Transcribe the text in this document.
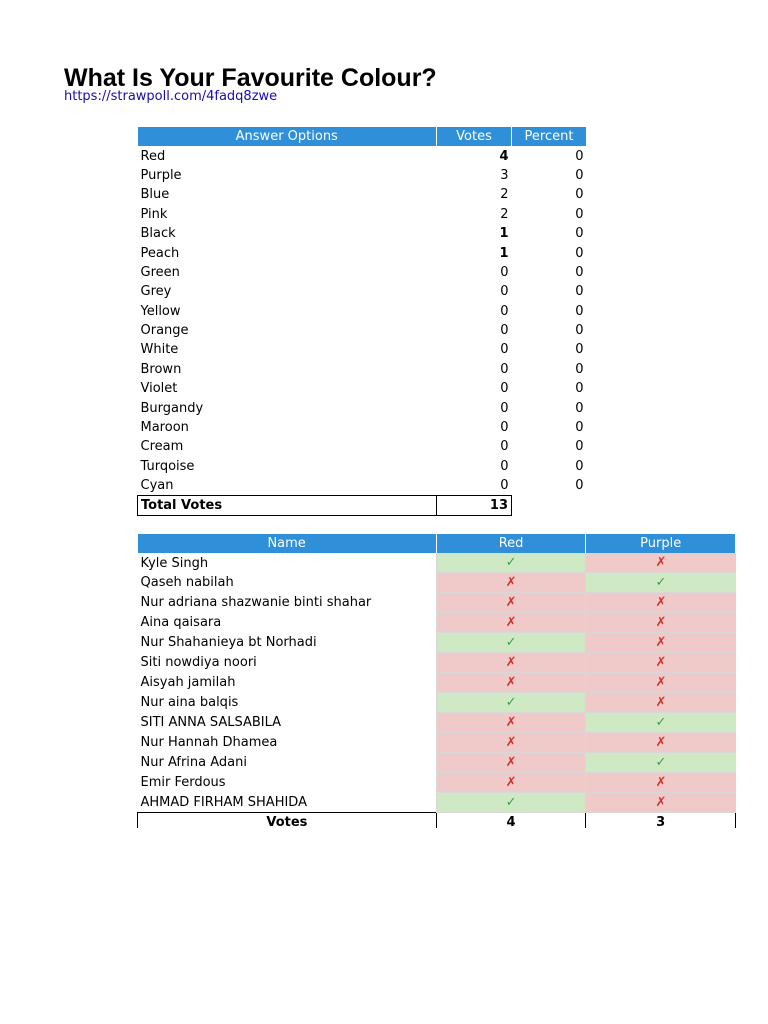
What Is Your Favourite Colour?
https://strawpoll.com/4fadq8zwe
Answer Options	Votes	Percent
Red	4	0
Purple	3	0
Blue	2	0
Pink	2	0
Black	1	0
Peach	1	0
Green	0	0
Grey	0	0
Yellow	0	0
Orange	0	0
White	0	0
Brown	0	0
Violet	0	0
Burgandy	0	0
Maroon	0	0
Cream	0	0
Turqoise	0	0
Cyan	0	0
Total Votes	13	
Name	Red	Purple
Kyle Singh	✓	✗
Qaseh nabilah	✗	✓
Nur adriana shazwanie binti shahar	✗	✗
Aina qaisara	✗	✗
Nur Shahanieya bt Norhadi	✓	✗
Siti nowdiya noori	✗	✗
Aisyah jamilah	✗	✗
Nur aina balqis	✓	✗
SITI ANNA SALSABILA	✗	✓
Nur Hannah Dhamea	✗	✗
Nur Afrina Adani	✗	✓
Emir Ferdous	✗	✗
AHMAD FIRHAM SHAHIDA	✓	✗
Votes	4	3
